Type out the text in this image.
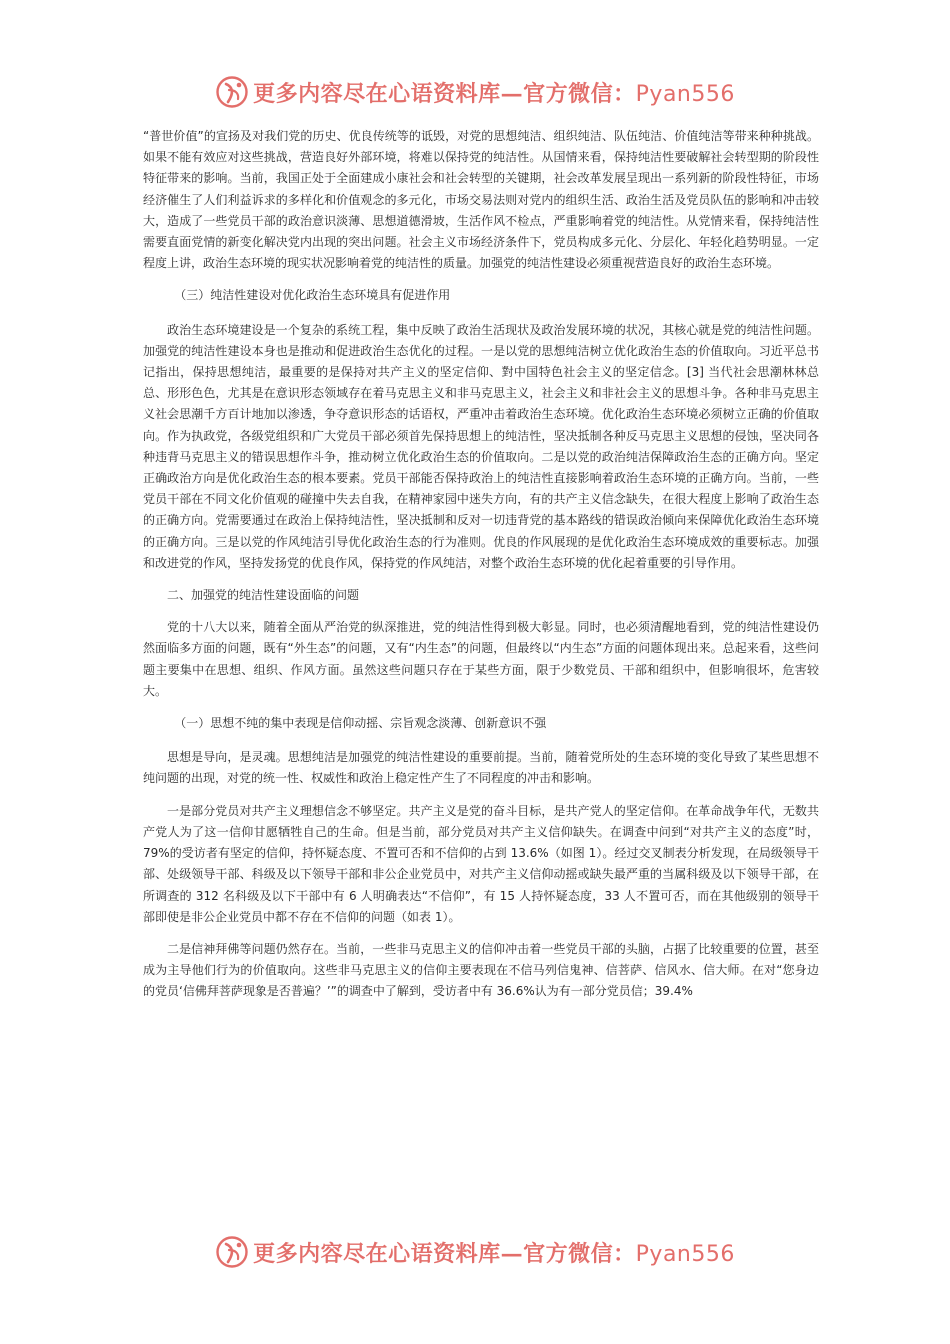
更多内容尽在心语资料库—官方微信：Pyan556

“普世价值”的宣扬及对我们党的历史、优良传统等的诋毁，对党的思想纯洁、组织纯洁、队伍纯洁、价值纯洁等带来种种挑战。如果不能有效应对这些挑战，营造良好外部环境，将难以保持党的纯洁性。从国情来看，保持纯洁性要破解社会转型期的阶段性特征带来的影响。当前，我国正处于全面建成小康社会和社会转型的关键期，社会改革发展呈现出一系列新的阶段性特征，市场经济催生了人们利益诉求的多样化和价值观念的多元化，市场交易法则对党内的组织生活、政治生活及党员队伍的影响和冲击较大，造成了一些党员干部的政治意识淡薄、思想道德滑坡，生活作风不检点，严重影响着党的纯洁性。从党情来看，保持纯洁性需要直面党情的新变化解决党内出现的突出问题。社会主义市场经济条件下，党员构成多元化、分层化、年轻化趋势明显。一定程度上讲，政治生态环境的现实状况影响着党的纯洁性的质量。加强党的纯洁性建设必须重视营造良好的政治生态环境。

（三）纯洁性建设对优化政治生态环境具有促进作用

政治生态环境建设是一个复杂的系统工程，集中反映了政治生活现状及政治发展环境的状况，其核心就是党的纯洁性问题。加强党的纯洁性建设本身也是推动和促进政治生态优化的过程。一是以党的思想纯洁树立优化政治生态的价值取向。习近平总书记指出，保持思想纯洁，最重要的是保持对共产主义的坚定信仰、對中国特色社会主义的坚定信念。[3] 当代社会思潮林林总总、形形色色，尤其是在意识形态领域存在着马克思主义和非马克思主义，社会主义和非社会主义的思想斗争。各种非马克思主义社会思潮千方百计地加以渗透，争夺意识形态的话语权，严重冲击着政治生态环境。优化政治生态环境必须树立正确的价值取向。作为执政党，各级党组织和广大党员干部必须首先保持思想上的纯洁性，坚决抵制各种反马克思主义思想的侵蚀，坚决同各种违背马克思主义的错误思想作斗争，推动树立优化政治生态的价值取向。二是以党的政治纯洁保障政治生态的正确方向。坚定正确政治方向是优化政治生态的根本要素。党员干部能否保持政治上的纯洁性直接影响着政治生态环境的正确方向。当前，一些党员干部在不同文化价值观的碰撞中失去自我，在精神家园中迷失方向，有的共产主义信念缺失，在很大程度上影响了政治生态的正确方向。党需要通过在政治上保持纯洁性，坚决抵制和反对一切违背党的基本路线的错误政治倾向来保障优化政治生态环境的正确方向。三是以党的作风纯洁引导优化政治生态的行为准则。优良的作风展现的是优化政治生态环境成效的重要标志。加强和改进党的作风，坚持发扬党的优良作风，保持党的作风纯洁，对整个政治生态环境的优化起着重要的引导作用。

二、加强党的纯洁性建设面临的问题

党的十八大以来，随着全面从严治党的纵深推进，党的纯洁性得到极大彰显。同时，也必须清醒地看到，党的纯洁性建设仍然面临多方面的问题，既有“外生态”的问题，又有“内生态”的问题，但最终以“内生态”方面的问题体现出来。总起来看，这些问题主要集中在思想、组织、作风方面。虽然这些问题只存在于某些方面，限于少数党员、干部和组织中，但影响很坏，危害较大。

（一）思想不纯的集中表现是信仰动摇、宗旨观念淡薄、创新意识不强

思想是导向，是灵魂。思想纯洁是加强党的纯洁性建设的重要前提。当前，随着党所处的生态环境的变化导致了某些思想不纯问题的出现，对党的统一性、权威性和政治上稳定性产生了不同程度的冲击和影响。

一是部分党员对共产主义理想信念不够坚定。共产主义是党的奋斗目标，是共产党人的坚定信仰。在革命战争年代，无数共产党人为了这一信仰甘愿牺牲自己的生命。但是当前，部分党员对共产主义信仰缺失。在调查中问到“对共产主义的态度”时，79%的受访者有坚定的信仰，持怀疑态度、不置可否和不信仰的占到 13.6%（如图 1）。经过交叉制表分析发现，在局级领导干部、处级领导干部、科级及以下领导干部和非公企业党员中，对共产主义信仰动摇或缺失最严重的当属科级及以下领导干部，在所调查的 312 名科级及以下干部中有 6 人明确表达“不信仰”，有 15 人持怀疑态度，33 人不置可否，而在其他级别的领导干部即使是非公企业党员中都不存在不信仰的问题（如表 1）。

二是信神拜佛等问题仍然存在。当前，一些非马克思主义的信仰冲击着一些党员干部的头脑，占据了比较重要的位置，甚至成为主导他们行为的价值取向。这些非马克思主义的信仰主要表现在不信马列信鬼神、信菩萨、信风水、信大师。在对“您身边的党员‘信佛拜菩萨现象是否普遍？’”的调查中了解到，受访者中有 36.6%认为有一部分党员信；39.4%

更多内容尽在心语资料库—官方微信：Pyan556
